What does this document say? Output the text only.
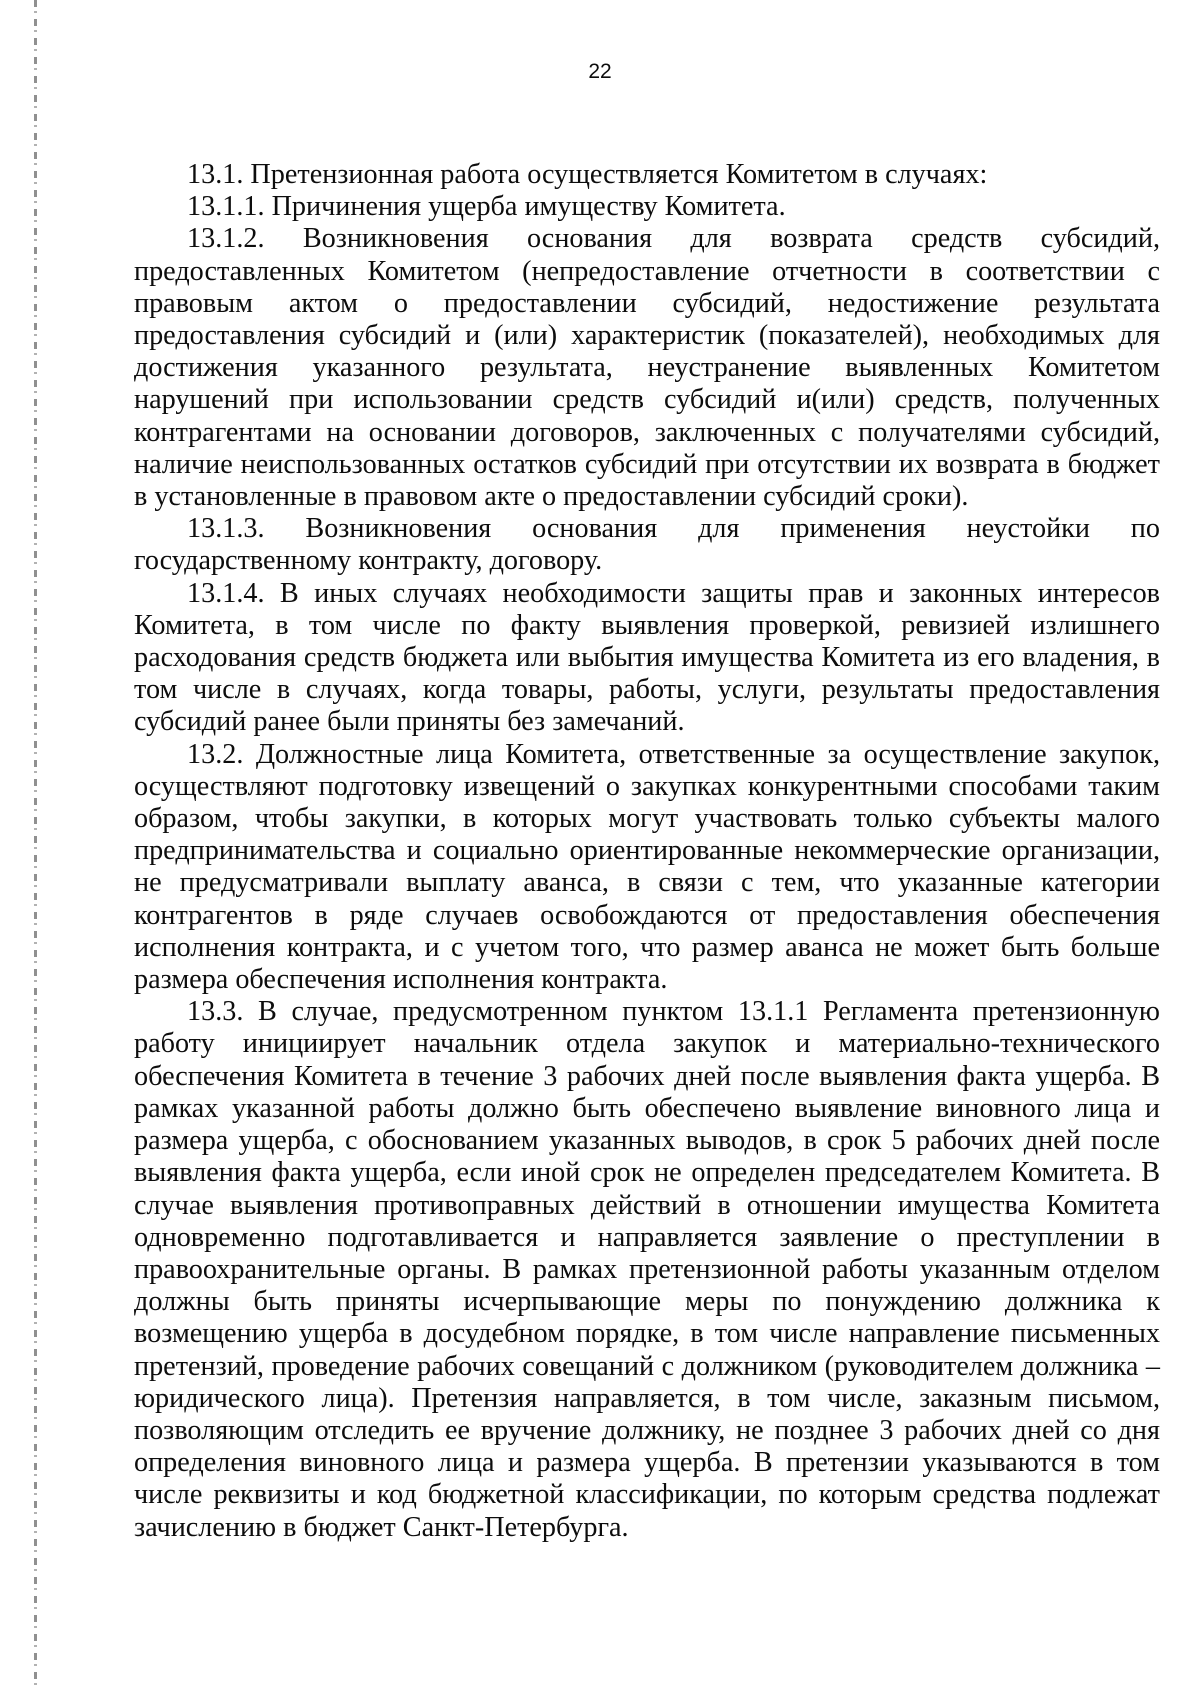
22

13.1. Претензионная работа осуществляется Комитетом в случаях:

13.1.1. Причинения ущерба имуществу Комитета.

13.1.2. Возникновения основания для возврата средств субсидий, предоставленных Комитетом (непредоставление отчетности в соответствии с правовым актом о предоставлении субсидий, недостижение результата предоставления субсидий и (или) характеристик (показателей), необходимых для достижения указанного результата, неустранение выявленных Комитетом нарушений при использовании средств субсидий и(или) средств, полученных контрагентами на основании договоров, заключенных с получателями субсидий, наличие неиспользованных остатков субсидий при отсутствии их возврата в бюджет в установленные в правовом акте о предоставлении субсидий сроки).

13.1.3. Возникновения основания для применения неустойки по государственному контракту, договору.

13.1.4. В иных случаях необходимости защиты прав и законных интересов Комитета, в том числе по факту выявления проверкой, ревизией излишнего расходования средств бюджета или выбытия имущества Комитета из его владения, в том числе в случаях, когда товары, работы, услуги, результаты предоставления субсидий ранее были приняты без замечаний.

13.2. Должностные лица Комитета, ответственные за осуществление закупок, осуществляют подготовку извещений о закупках конкурентными способами таким образом, чтобы закупки, в которых могут участвовать только субъекты малого предпринимательства и социально ориентированные некоммерческие организации, не предусматривали выплату аванса, в связи с тем, что указанные категории контрагентов в ряде случаев освобождаются от предоставления обеспечения исполнения контракта, и с учетом того, что размер аванса не может быть больше размера обеспечения исполнения контракта.

13.3. В случае, предусмотренном пунктом 13.1.1 Регламента претензионную работу инициирует начальник отдела закупок и материально-технического обеспечения Комитета в течение 3 рабочих дней после выявления факта ущерба. В рамках указанной работы должно быть обеспечено выявление виновного лица и размера ущерба, с обоснованием указанных выводов, в срок 5 рабочих дней после выявления факта ущерба, если иной срок не определен председателем Комитета. В случае выявления противоправных действий в отношении имущества Комитета одновременно подготавливается и направляется заявление о преступлении в правоохранительные органы. В рамках претензионной работы указанным отделом должны быть приняты исчерпывающие меры по понуждению должника к возмещению ущерба в досудебном порядке, в том числе направление письменных претензий, проведение рабочих совещаний с должником (руководителем должника – юридического лица). Претензия направляется, в том числе, заказным письмом, позволяющим отследить ее вручение должнику, не позднее 3 рабочих дней со дня определения виновного лица и размера ущерба. В претензии указываются в том числе реквизиты и код бюджетной классификации, по которым средства подлежат зачислению в бюджет Санкт-Петербурга.
